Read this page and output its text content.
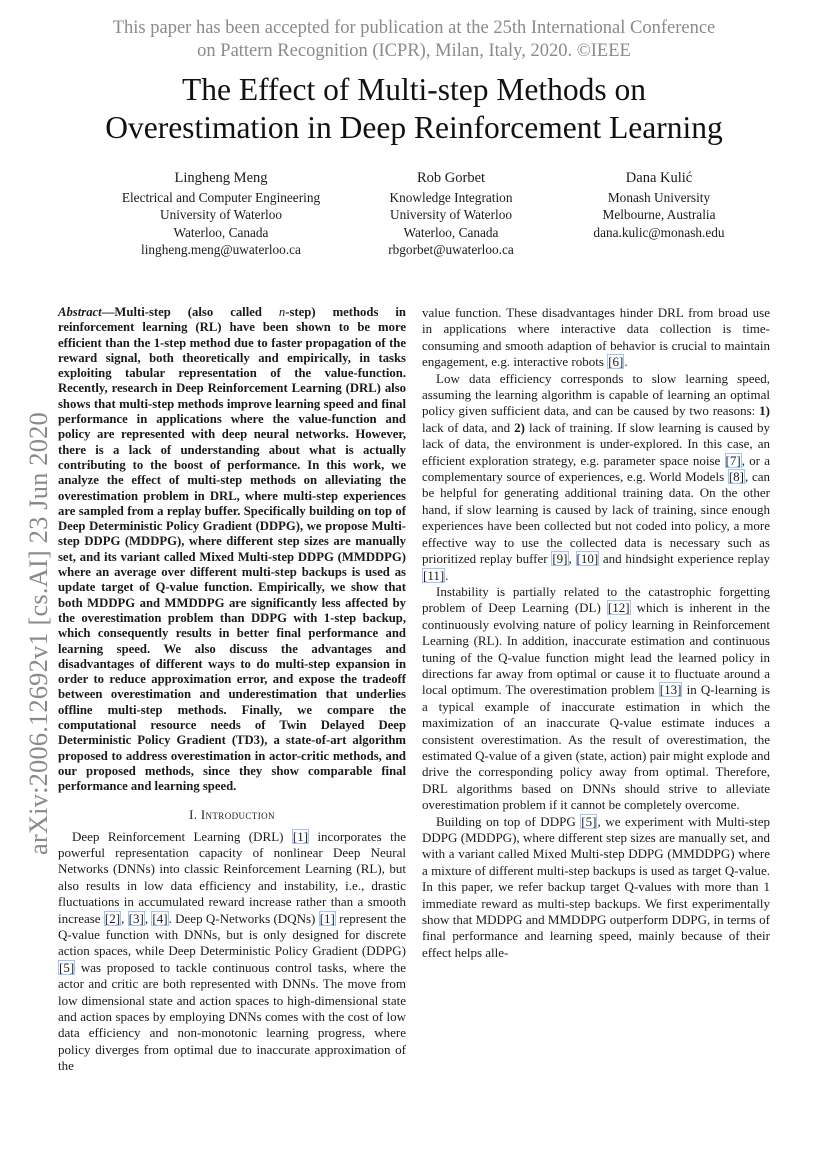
This paper has been accepted for publication at the 25th International Conference
on Pattern Recognition (ICPR), Milan, Italy, 2020. ©IEEE
The Effect of Multi-step Methods on
Overestimation in Deep Reinforcement Learning
Lingheng Meng
Electrical and Computer Engineering
University of Waterloo
Waterloo, Canada
lingheng.meng@uwaterloo.ca
Rob Gorbet
Knowledge Integration
University of Waterloo
Waterloo, Canada
rbgorbet@uwaterloo.ca
Dana Kulić
Monash University
Melbourne, Australia
dana.kulic@monash.edu
arXiv:2006.12692v1 [cs.AI] 23 Jun 2020
Abstract—Multi-step (also called n-step) methods in reinforcement learning (RL) have been shown to be more efficient than the 1-step method due to faster propagation of the reward signal, both theoretically and empirically, in tasks exploiting tabular representation of the value-function. Recently, research in Deep Reinforcement Learning (DRL) also shows that multi-step methods improve learning speed and final performance in applications where the value-function and policy are represented with deep neural networks. However, there is a lack of understanding about what is actually contributing to the boost of performance. In this work, we analyze the effect of multi-step methods on alleviating the overestimation problem in DRL, where multi-step experiences are sampled from a replay buffer. Specifically building on top of Deep Deterministic Policy Gradient (DDPG), we propose Multi-step DDPG (MDDPG), where different step sizes are manually set, and its variant called Mixed Multi-step DDPG (MMDDPG) where an average over different multi-step backups is used as update target of Q-value function. Empirically, we show that both MDDPG and MMDDPG are significantly less affected by the overestimation problem than DDPG with 1-step backup, which consequently results in better final performance and learning speed. We also discuss the advantages and disadvantages of different ways to do multi-step expansion in order to reduce approximation error, and expose the tradeoff between overestimation and underestimation that underlies offline multi-step methods. Finally, we compare the computational resource needs of Twin Delayed Deep Deterministic Policy Gradient (TD3), a state-of-art algorithm proposed to address overestimation in actor-critic methods, and our proposed methods, since they show comparable final performance and learning speed.
I. Introduction

Deep Reinforcement Learning (DRL) [1] incorporates the powerful representation capacity of nonlinear Deep Neural Networks (DNNs) into classic Reinforcement Learning (RL), but also results in low data efficiency and instability, i.e., drastic fluctuations in accumulated reward increase rather than a smooth increase [2], [3], [4]. Deep Q-Networks (DQNs) [1] represent the Q-value function with DNNs, but is only designed for discrete action spaces, while Deep Deterministic Policy Gradient (DDPG) [5] was proposed to tackle continuous control tasks, where the actor and critic are both represented with DNNs. The move from low dimensional state and action spaces to high-dimensional state and action spaces by employing DNNs comes with the cost of low data efficiency and non-monotonic learning progress, where policy diverges from optimal due to inaccurate approximation of the

value function. These disadvantages hinder DRL from broad use in applications where interactive data collection is time-consuming and smooth adaption of behavior is crucial to maintain engagement, e.g. interactive robots [6].

Low data efficiency corresponds to slow learning speed, assuming the learning algorithm is capable of learning an optimal policy given sufficient data, and can be caused by two reasons: 1) lack of data, and 2) lack of training. If slow learning is caused by lack of data, the environment is under-explored. In this case, an efficient exploration strategy, e.g. parameter space noise [7], or a complementary source of experiences, e.g. World Models [8], can be helpful for generating additional training data. On the other hand, if slow learning is caused by lack of training, since enough experiences have been collected but not coded into policy, a more effective way to use the collected data is necessary such as prioritized replay buffer [9], [10] and hindsight experience replay [11].

Instability is partially related to the catastrophic forgetting problem of Deep Learning (DL) [12] which is inherent in the continuously evolving nature of policy learning in Reinforcement Learning (RL). In addition, inaccurate estimation and continuous tuning of the Q-value function might lead the learned policy in directions far away from optimal or cause it to fluctuate around a local optimum. The overestimation problem [13] in Q-learning is a typical example of inaccurate estimation in which the maximization of an inaccurate Q-value estimate induces a consistent overestimation. As the result of overestimation, the estimated Q-value of a given (state, action) pair might explode and drive the corresponding policy away from optimal. Therefore, DRL algorithms based on DNNs should strive to alleviate overestimation problem if it cannot be completely overcome.

Building on top of DDPG [5], we experiment with Multi-step DDPG (MDDPG), where different step sizes are manually set, and with a variant called Mixed Multi-step DDPG (MMDDPG) where a mixture of different multi-step backups is used as target Q-value. In this paper, we refer backup target Q-values with more than 1 immediate reward as multi-step backups. We first experimentally show that MDDPG and MMDDPG outperform DDPG, in terms of final performance and learning speed, mainly because of their effect helps alle-
